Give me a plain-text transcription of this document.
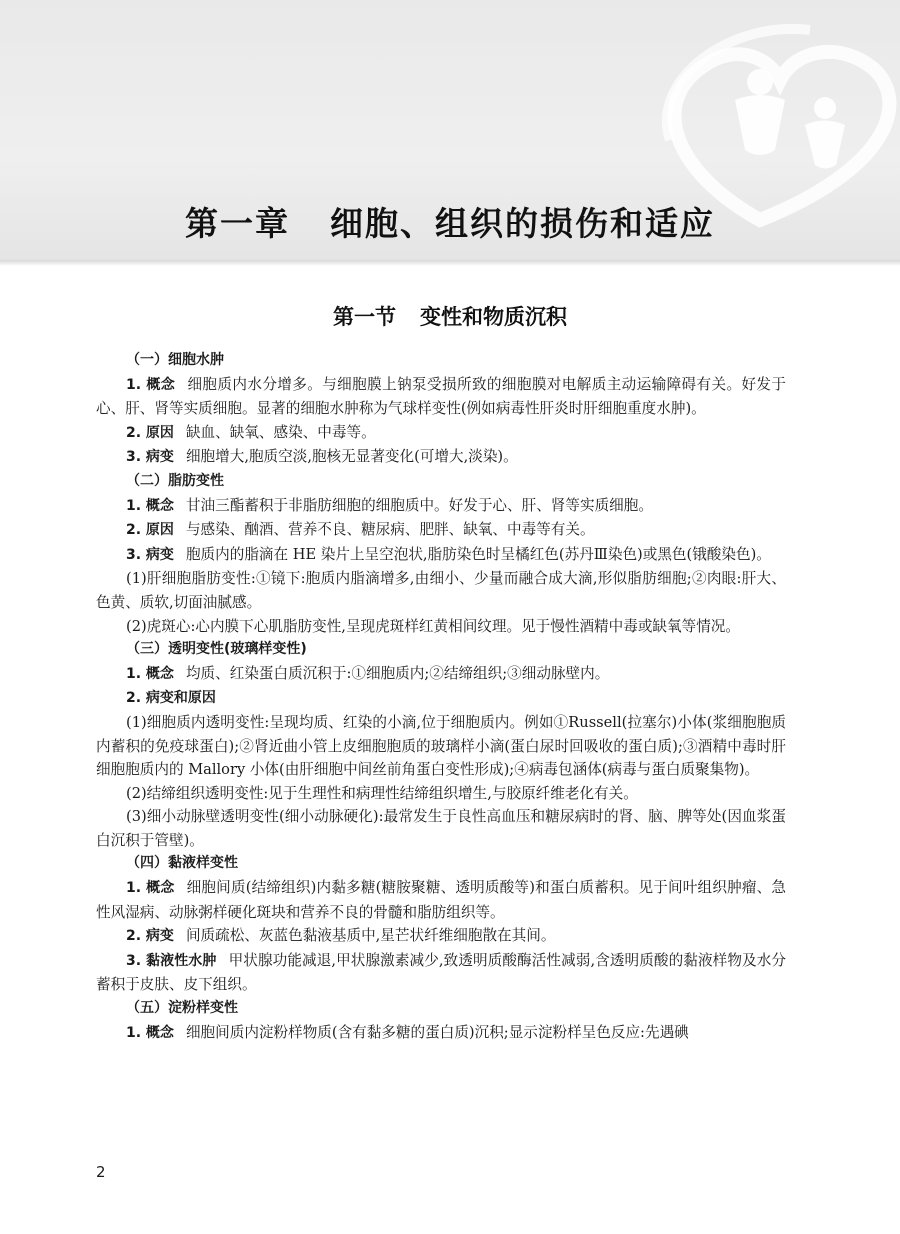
第一章 细胞、组织的损伤和适应
第一节 变性和物质沉积

（一）细胞水肿

1. 概念 细胞质内水分增多。与细胞膜上钠泵受损所致的细胞膜对电解质主动运输障碍有关。好发于心、肝、肾等实质细胞。显著的细胞水肿称为气球样变性(例如病毒性肝炎时肝细胞重度水肿)。

2. 原因 缺血、缺氧、感染、中毒等。

3. 病变 细胞增大,胞质空淡,胞核无显著变化(可增大,淡染)。

（二）脂肪变性

1. 概念 甘油三酯蓄积于非脂肪细胞的细胞质中。好发于心、肝、肾等实质细胞。

2. 原因 与感染、酗酒、营养不良、糖尿病、肥胖、缺氧、中毒等有关。

3. 病变 胞质内的脂滴在 HE 染片上呈空泡状,脂肪染色时呈橘红色(苏丹Ⅲ染色)或黑色(锇酸染色)。

(1)肝细胞脂肪变性:①镜下:胞质内脂滴增多,由细小、少量而融合成大滴,形似脂肪细胞;②肉眼:肝大、色黄、质软,切面油腻感。

(2)虎斑心:心内膜下心肌脂肪变性,呈现虎斑样红黄相间纹理。见于慢性酒精中毒或缺氧等情况。

（三）透明变性(玻璃样变性)

1. 概念 均质、红染蛋白质沉积于:①细胞质内;②结缔组织;③细动脉壁内。

2. 病变和原因

(1)细胞质内透明变性:呈现均质、红染的小滴,位于细胞质内。例如①Russell(拉塞尔)小体(浆细胞胞质内蓄积的免疫球蛋白);②肾近曲小管上皮细胞胞质的玻璃样小滴(蛋白尿时回吸收的蛋白质);③酒精中毒时肝细胞胞质内的 Mallory 小体(由肝细胞中间丝前角蛋白变性形成);④病毒包涵体(病毒与蛋白质聚集物)。

(2)结缔组织透明变性:见于生理性和病理性结缔组织增生,与胶原纤维老化有关。

(3)细小动脉壁透明变性(细小动脉硬化):最常发生于良性高血压和糖尿病时的肾、脑、脾等处(因血浆蛋白沉积于管壁)。

（四）黏液样变性

1. 概念 细胞间质(结缔组织)内黏多糖(糖胺聚糖、透明质酸等)和蛋白质蓄积。见于间叶组织肿瘤、急性风湿病、动脉粥样硬化斑块和营养不良的骨髓和脂肪组织等。

2. 病变 间质疏松、灰蓝色黏液基质中,星芒状纤维细胞散在其间。

3. 黏液性水肿 甲状腺功能减退,甲状腺激素减少,致透明质酸酶活性减弱,含透明质酸的黏液样物及水分蓄积于皮肤、皮下组织。

（五）淀粉样变性

1. 概念 细胞间质内淀粉样物质(含有黏多糖的蛋白质)沉积;显示淀粉样呈色反应:先遇碘

2
